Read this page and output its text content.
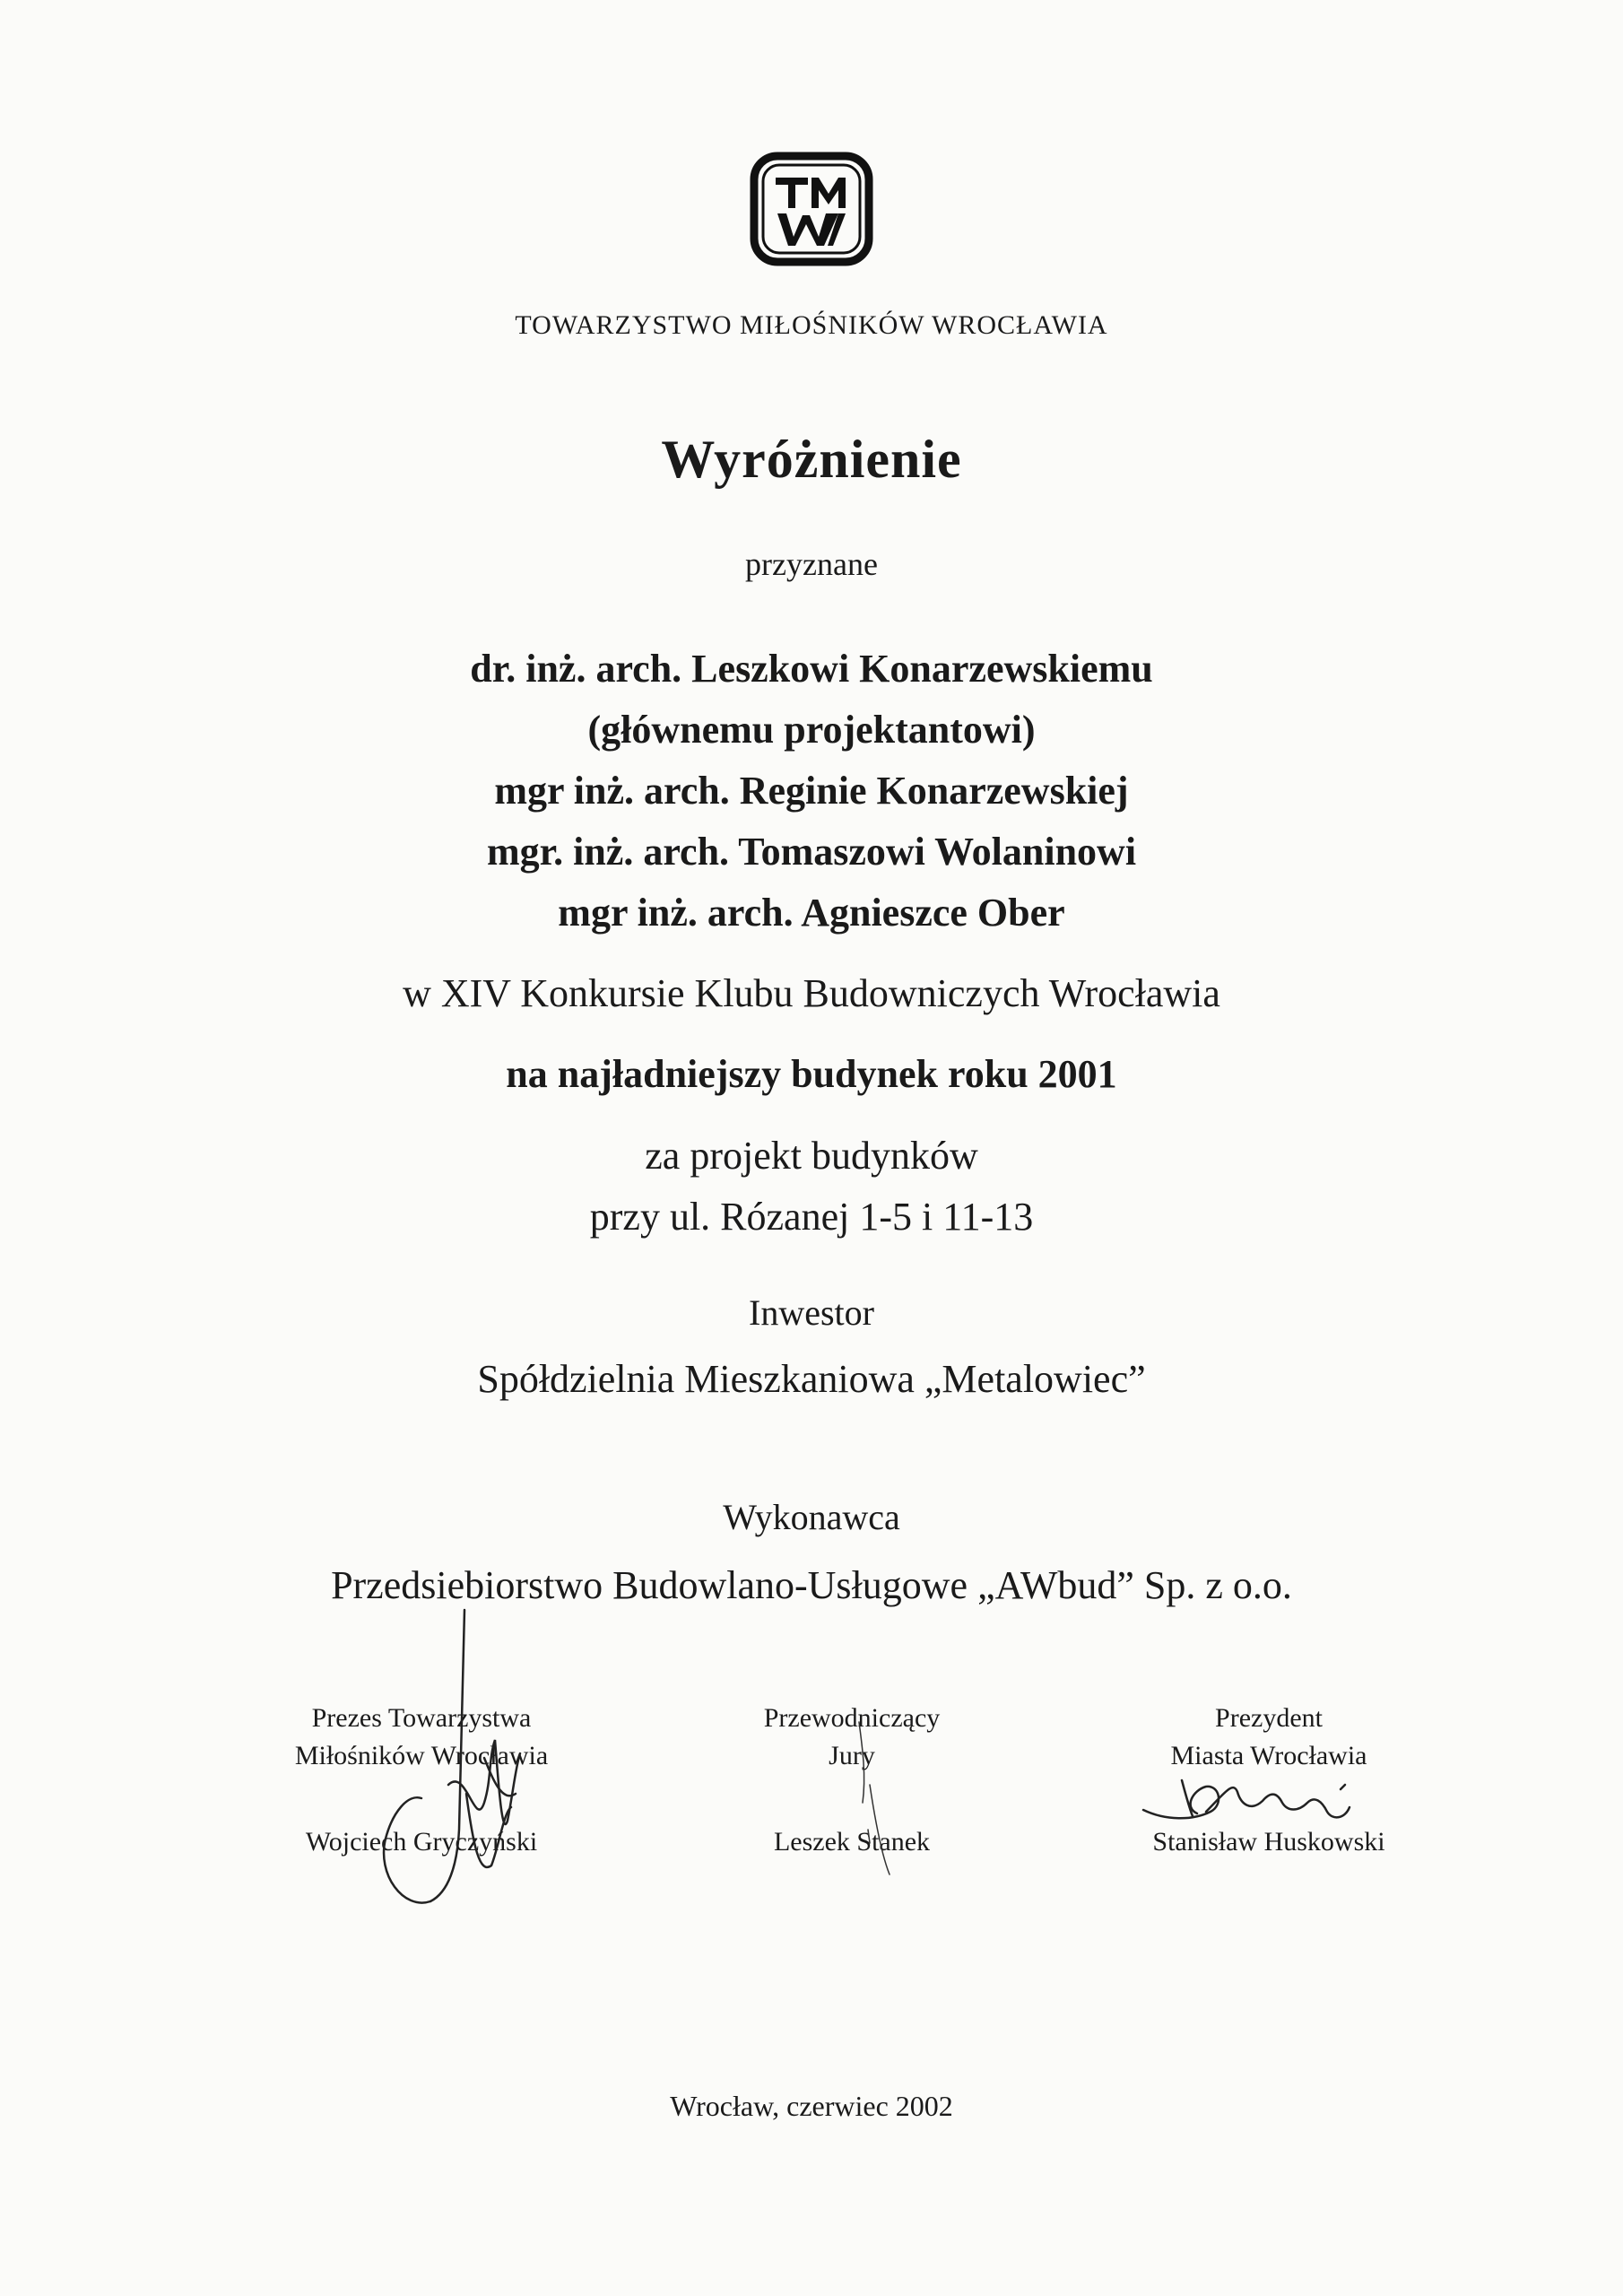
TOWARZYSTWO MIŁOŚNIKÓW WROCŁAWIA
Wyróżnienie
przyznane
dr. inż. arch. Leszkowi Konarzewskiemu
(głównemu projektantowi)
mgr inż. arch. Reginie Konarzewskiej
mgr. inż. arch. Tomaszowi Wolaninowi
mgr inż. arch. Agnieszce Ober
w XIV Konkursie Klubu Budowniczych Wrocławia
na najładniejszy budynek roku 2001
za projekt budynków
przy ul. Rózanej 1-5 i 11-13
Inwestor
Spółdzielnia Mieszkaniowa „Metalowiec”
Wykonawca
Przedsiebiorstwo Budowlano-Usługowe „AWbud” Sp. z o.o.
Prezes Towarzystwa
Miłośników Wrocławia
Wojciech Gryczyński
Przewodniczący
Jury
Leszek Stanek
Prezydent
Miasta Wrocławia
Stanisław Huskowski
Wrocław, czerwiec 2002
